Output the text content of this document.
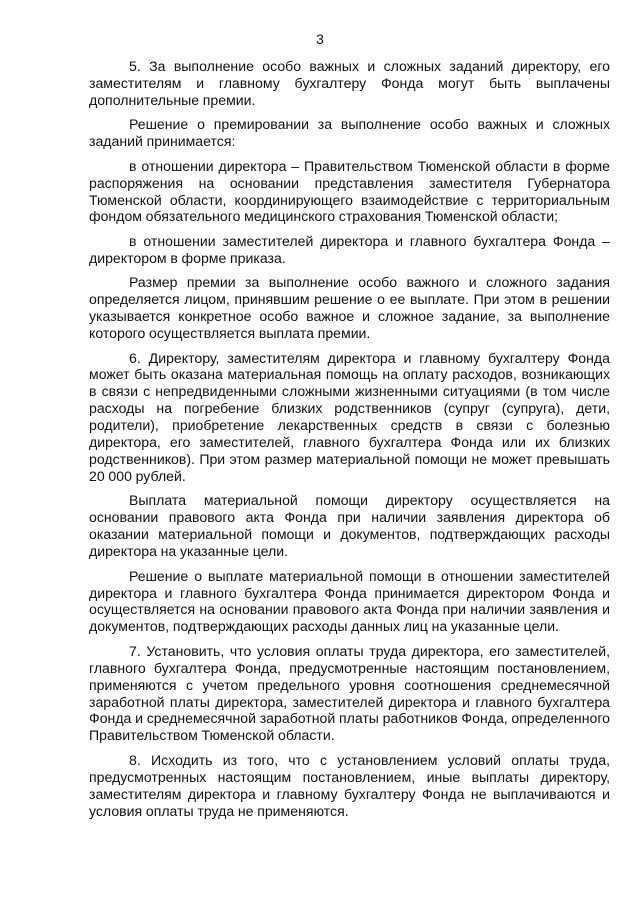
3

5. За выполнение особо важных и сложных заданий директору, его заместителям и главному бухгалтеру Фонда могут быть выплачены дополнительные премии.

Решение о премировании за выполнение особо важных и сложных заданий принимается:

в отношении директора – Правительством Тюменской области в форме распоряжения на основании представления заместителя Губернатора Тюменской области, координирующего взаимодействие с территориальным фондом обязательного медицинского страхования Тюменской области;

в отношении заместителей директора и главного бухгалтера Фонда – директором в форме приказа.

Размер премии за выполнение особо важного и сложного задания определяется лицом, принявшим решение о ее выплате. При этом в решении указывается конкретное особо важное и сложное задание, за выполнение которого осуществляется выплата премии.

6. Директору, заместителям директора и главному бухгалтеру Фонда может быть оказана материальная помощь на оплату расходов, возникающих в связи с непредвиденными сложными жизненными ситуациями (в том числе расходы на погребение близких родственников (супруг (супруга), дети, родители), приобретение лекарственных средств в связи с болезнью директора, его заместителей, главного бухгалтера Фонда или их близких родственников). При этом размер материальной помощи не может превышать 20 000 рублей.

Выплата материальной помощи директору осуществляется на основании правового акта Фонда при наличии заявления директора об оказании материальной помощи и документов, подтверждающих расходы директора на указанные цели.

Решение о выплате материальной помощи в отношении заместителей директора и главного бухгалтера Фонда принимается директором Фонда и осуществляется на основании правового акта Фонда при наличии заявления и документов, подтверждающих расходы данных лиц на указанные цели.

7. Установить, что условия оплаты труда директора, его заместителей, главного бухгалтера Фонда, предусмотренные настоящим постановлением, применяются с учетом предельного уровня соотношения среднемесячной заработной платы директора, заместителей директора и главного бухгалтера Фонда и среднемесячной заработной платы работников Фонда, определенного Правительством Тюменской области.

8. Исходить из того, что с установлением условий оплаты труда, предусмотренных настоящим постановлением, иные выплаты директору, заместителям директора и главному бухгалтеру Фонда не выплачиваются и условия оплаты труда не применяются.
